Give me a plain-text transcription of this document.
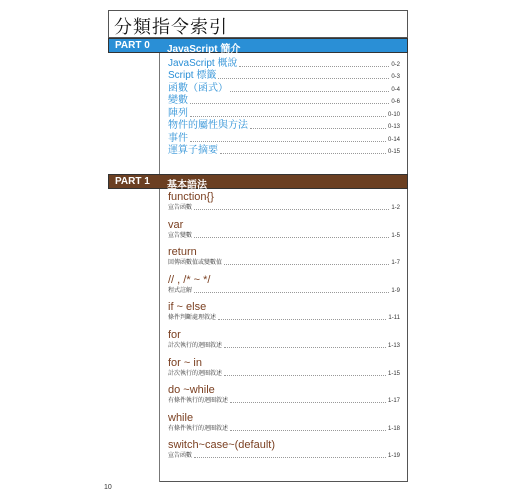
分類指令索引
PART 0 JavaScript 簡介
JavaScript 概說	0-2
Script 標籤	0-3
函數（函式）	0-4
變數	0-6
陣列	0-10
物件的屬性與方法	0-13
事件	0-14
運算子摘要	0-15
PART 1 基本語法
function{}
宣告函數	1-2
var
宣告變數	1-5
return
回傳函數值或變數值	1-7
// , /* ~ */
程式註解	1-9
if ~ else
條件判斷處理敘述	1-11
for
計次執行的迴圈敘述	1-13
for ~ in
計次執行的迴圈敘述	1-15
do ~while
有條件執行的迴圈敘述	1-17
while
有條件執行的迴圈敘述	1-18
switch~case~(default)
宣告函數	1-19
10
